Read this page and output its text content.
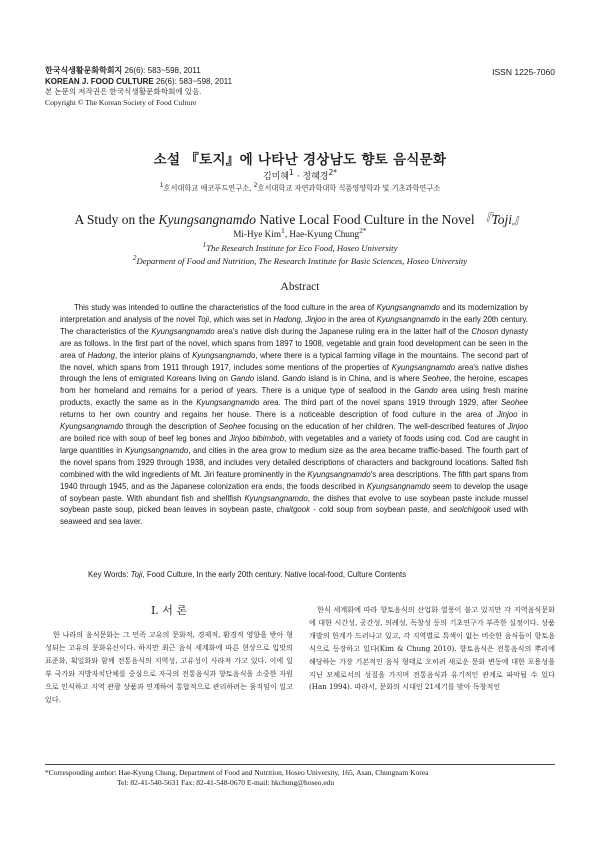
한국식생활문화학회지 26(6): 583~598, 2011
KOREAN J. FOOD CULTURE 26(6): 583~598, 2011
본 논문의 저작권은 한국식생활문화학회에 있음.
Copyright © The Korean Society of Food Culture
ISSN 1225-7060
소설 『토지』에 나타난 경상남도 향토 음식문화
김미혜$^1$ · 정혜경$^{2*}$
$^1$호서대학교 에코푸드연구소, $^2$호서대학교 자연과학대학 식품영양학과 및 기초과학연구소
A Study on the Kyungsangnamdo Native Local Food Culture in the Novel 『Toji』
Mi-Hye Kim$^1$, Hae-Kyung Chung$^{2*}$
$^1$The Research Institute for Eco Food, Hoseo University
$^2$Deparment of Food and Nutrition, The Research Institute for Basic Sciences, Hoseo University
Abstract
This study was intended to outline the characteristics of the food culture in the area of Kyungsangnamdo and its modernization by interpretation and analysis of the novel Toji, which was set in Hadong, Jinjoo in the area of Kyungsangnamdo in the early 20th century. The characteristics of the Kyungsangnamdo area's native dish during the Japanese ruling era in the latter half of the Choson dynasty are as follows. In the first part of the novel, which spans from 1897 to 1908, vegetable and grain food development can be seen in the area of Hadong, the interior plains of Kyungsangnamdo, where there is a typical farming village in the mountains. The second part of the novel, which spans from 1911 through 1917, includes some mentions of the properties of Kyungsangnamdo area's native dishes through the lens of emigrated Koreans living on Gando island. Gando island is in China, and is where Seohee, the heroine, escapes from her homeland and remains for a period of years. There is a unique type of seafood in the Gando area using fresh marine products, exactly the same as in the Kyungsangnamdo area. The third part of the novel spans 1919 through 1929, after Seohee returns to her own country and regains her house. There is a noticeable description of food culture in the area of Jinjoo in Kyungsangnamdo through the description of Seohee focusing on the education of her children. The well-described features of Jinjoo are boiled rice with soup of beef leg bones and Jinjoo bibimbob, with vegetables and a variety of foods using cod. Cod are caught in large quantities in Kyungsangnamdo, and cities in the area grow to medium size as the area became traffic-based. The fourth part of the novel spans from 1929 through 1938, and includes very detailed descriptions of characters and background locations. Salted fish combined with the wild ingredients of Mt. Jiri feature prominently in the Kyungsangnamdo's area descriptions. The fifth part spans from 1940 through 1945, and as the Japanese colonization era ends, the foods described in Kyungsangnamdo seem to develop the usage of soybean paste. With abundant fish and shellfish Kyungsangnamdo, the dishes that evolve to use soybean paste include mussel soybean paste soup, picked bean leaves in soybean paste, chaitgook - cold soup from soybean paste, and seolchigook used with seaweed and sea laver.
Key Words: Toji, Food Culture, In the early 20th century. Native local-food, Culture Contents
Ⅰ. 서 론
한 나라의 음식문화는 그 민족 고유의 문화적, 경제적, 환경적 영향을 받아 형성되는 고유의 문화유산이다. 하지만 최근 음식 세계화에 따른 현상으로 입맛의 표준화, 획일화와 함께 전통음식의 지역성, 고유성이 사라져 가고 있다. 이에 일부 국가와 지방자치단체를 중심으로 자국의 전통음식과 향토음식을 소중한 자원으로 인식하고 지역 관광 상품과 연계하여 통합적으로 관리하려는 움직임이 일고 있다.
한식 세계화에 따라 향토음식의 산업화 열풍이 불고 있지만 각 지역음식문화에 대한 시간성, 공간성, 의례성, 독창성 등의 기초연구가 부족한 실정이다. 상품개발의 한계가 드러나고 있고, 각 지역별로 특색이 없는 비슷한 음식들이 향토음식으로 등장하고 있다(Kim & Chung 2010). 향토음식은 전통음식의 뿌리에 해당하는 가장 기본적인 음식 형태로 오히려 새로운 문화 변동에 대한 포용성을 지닌 모체로서의 성질을 가지며 전통음식과 유기적인 관계로 파악될 수 있다(Han 1994). 따라서, 문화의 시대인 21세기를 맞아 독창적인
*Corresponding author: Hae-Kyung Chung, Department of Food and Nutrition, Hoseo University, 165, Asan, Chungnam Korea
Tel: 82-41-540-5631 Fax: 82-41-548-0670 E-mail: hkchung@hoseo.edu
